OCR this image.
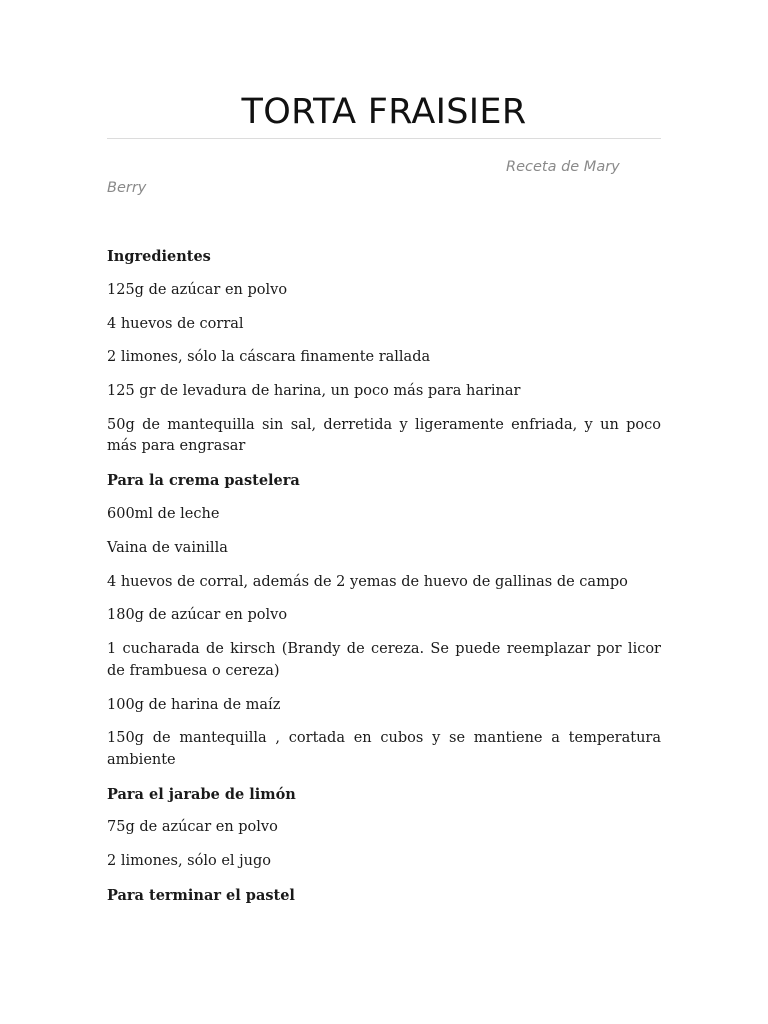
TORTA FRAISIER

Receta de Mary Berry

Ingredientes

125g de azúcar en polvo

4 huevos de corral

2 limones, sólo la cáscara finamente rallada

125 gr de levadura de harina, un poco más para harinar

50g de mantequilla sin sal, derretida y ligeramente enfriada, y un poco más para engrasar

Para la crema pastelera

600ml de leche

Vaina de vainilla

4 huevos de corral, además de 2 yemas de huevo de gallinas de campo

180g de azúcar en polvo

1 cucharada de kirsch (Brandy de cereza. Se puede reemplazar por licor de frambuesa o cereza)

100g de harina de maíz

150g de mantequilla , cortada en cubos y se mantiene a temperatura ambiente

Para el jarabe de limón

75g de azúcar en polvo

2 limones, sólo el jugo

Para terminar el pastel
